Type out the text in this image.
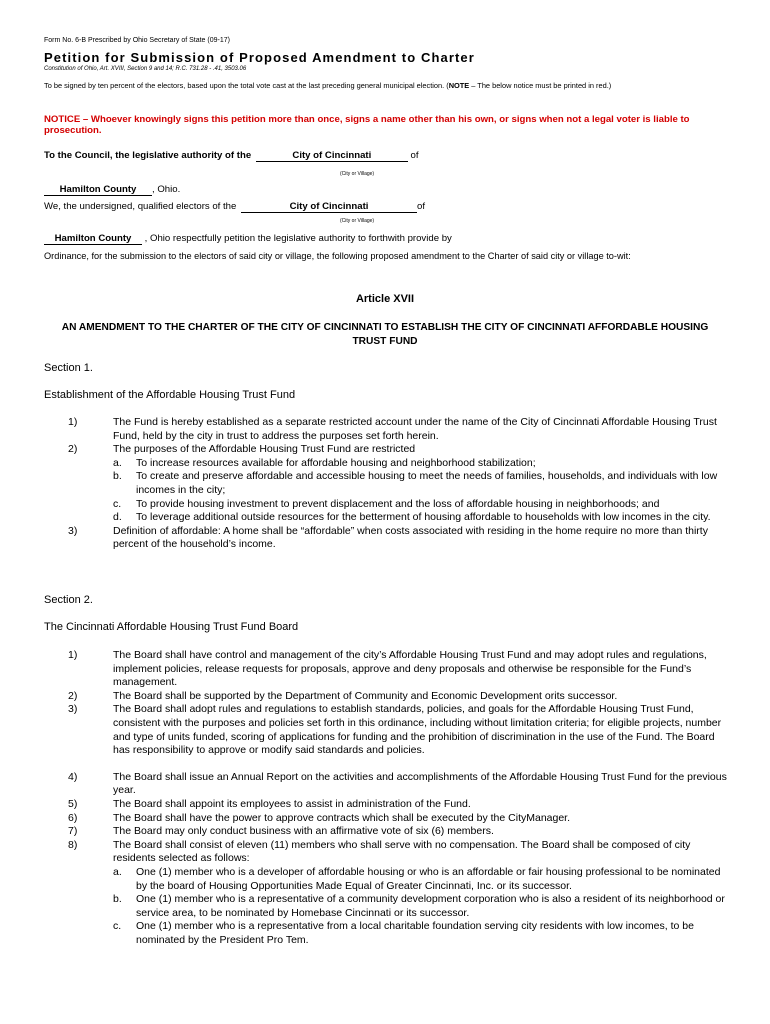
Form No. 6-B Prescribed by Ohio Secretary of State (09-17)
Petition for Submission of Proposed Amendment to Charter
Constitution of Ohio, Art. XVIII, Section 9 and 14; R.C. 731.28 - .41, 3503.06
To be signed by ten percent of the electors, based upon the total vote cast at the last preceding general municipal election. (NOTE – The below notice must be printed in red.)
NOTICE – Whoever knowingly signs this petition more than once, signs a name other than his own, or signs when not a legal voter is liable to prosecution.
To the Council, the legislative authority of the	City of Cincinnati	of
(City or Village)
Hamilton County , Ohio.
We, the undersigned, qualified electors of the	City of Cincinnati	of
(City or Village)
Hamilton County , Ohio respectfully petition the legislative authority to forthwith provide by
Ordinance, for the submission to the electors of said city or village, the following proposed amendment to the Charter of said city or village to-wit:
Article XVII
AN AMENDMENT TO THE CHARTER OF THE CITY OF CINCINNATI TO ESTABLISH THE CITY OF CINCINNATI AFFORDABLE HOUSING TRUST FUND
Section 1.
Establishment of the Affordable Housing Trust Fund
1)	The Fund is hereby established as a separate restricted account under the name of the City of Cincinnati Affordable Housing Trust Fund, held by the city in trust to address the purposes set forth herein.
2)	The purposes of the Affordable Housing Trust Fund are restricted
a. To increase resources available for affordable housing and neighborhood stabilization;
b. To create and preserve affordable and accessible housing to meet the needs of families, households, and individuals with low incomes in the city;
c. To provide housing investment to prevent displacement and the loss of affordable housing in neighborhoods; and
d. To leverage additional outside resources for the betterment of housing affordable to households with low incomes in the city.
3)	Definition of affordable: A home shall be “affordable” when costs associated with residing in the home require no more than thirty percent of the household’s income.
Section 2.
The Cincinnati Affordable Housing Trust Fund Board
1)	The Board shall have control and management of the city’s Affordable Housing Trust Fund and may adopt rules and regulations, implement policies, release requests for proposals, approve and deny proposals and otherwise be responsible for the Fund’s management.
2)	The Board shall be supported by the Department of Community and Economic Development orits successor.
3)	The Board shall adopt rules and regulations to establish standards, policies, and goals for the Affordable Housing Trust Fund, consistent with the purposes and policies set forth in this ordinance, including without limitation criteria; for eligible projects, number and type of units funded, scoring of applications for funding and the prohibition of discrimination in the use of the Fund. The Board has responsibility to approve or modify said standards and policies.
4)	The Board shall issue an Annual Report on the activities and accomplishments of the Affordable Housing Trust Fund for the previous year.
5)	The Board shall appoint its employees to assist in administration of the Fund.
6)	The Board shall have the power to approve contracts which shall be executed by the CityManager.
7)	The Board may only conduct business with an affirmative vote of six (6) members.
8)	The Board shall consist of eleven (11) members who shall serve with no compensation. The Board shall be composed of city residents selected as follows:
a. One (1) member who is a developer of affordable housing or who is an affordable or fair housing professional to be nominated by the board of Housing Opportunities Made Equal of Greater Cincinnati, Inc. or its successor.
b. One (1) member who is a representative of a community development corporation who is also a resident of its neighborhood or service area, to be nominated by Homebase Cincinnati or its successor.
c. One (1) member who is a representative from a local charitable foundation serving city residents with low incomes, to be nominated by the President Pro Tem.
